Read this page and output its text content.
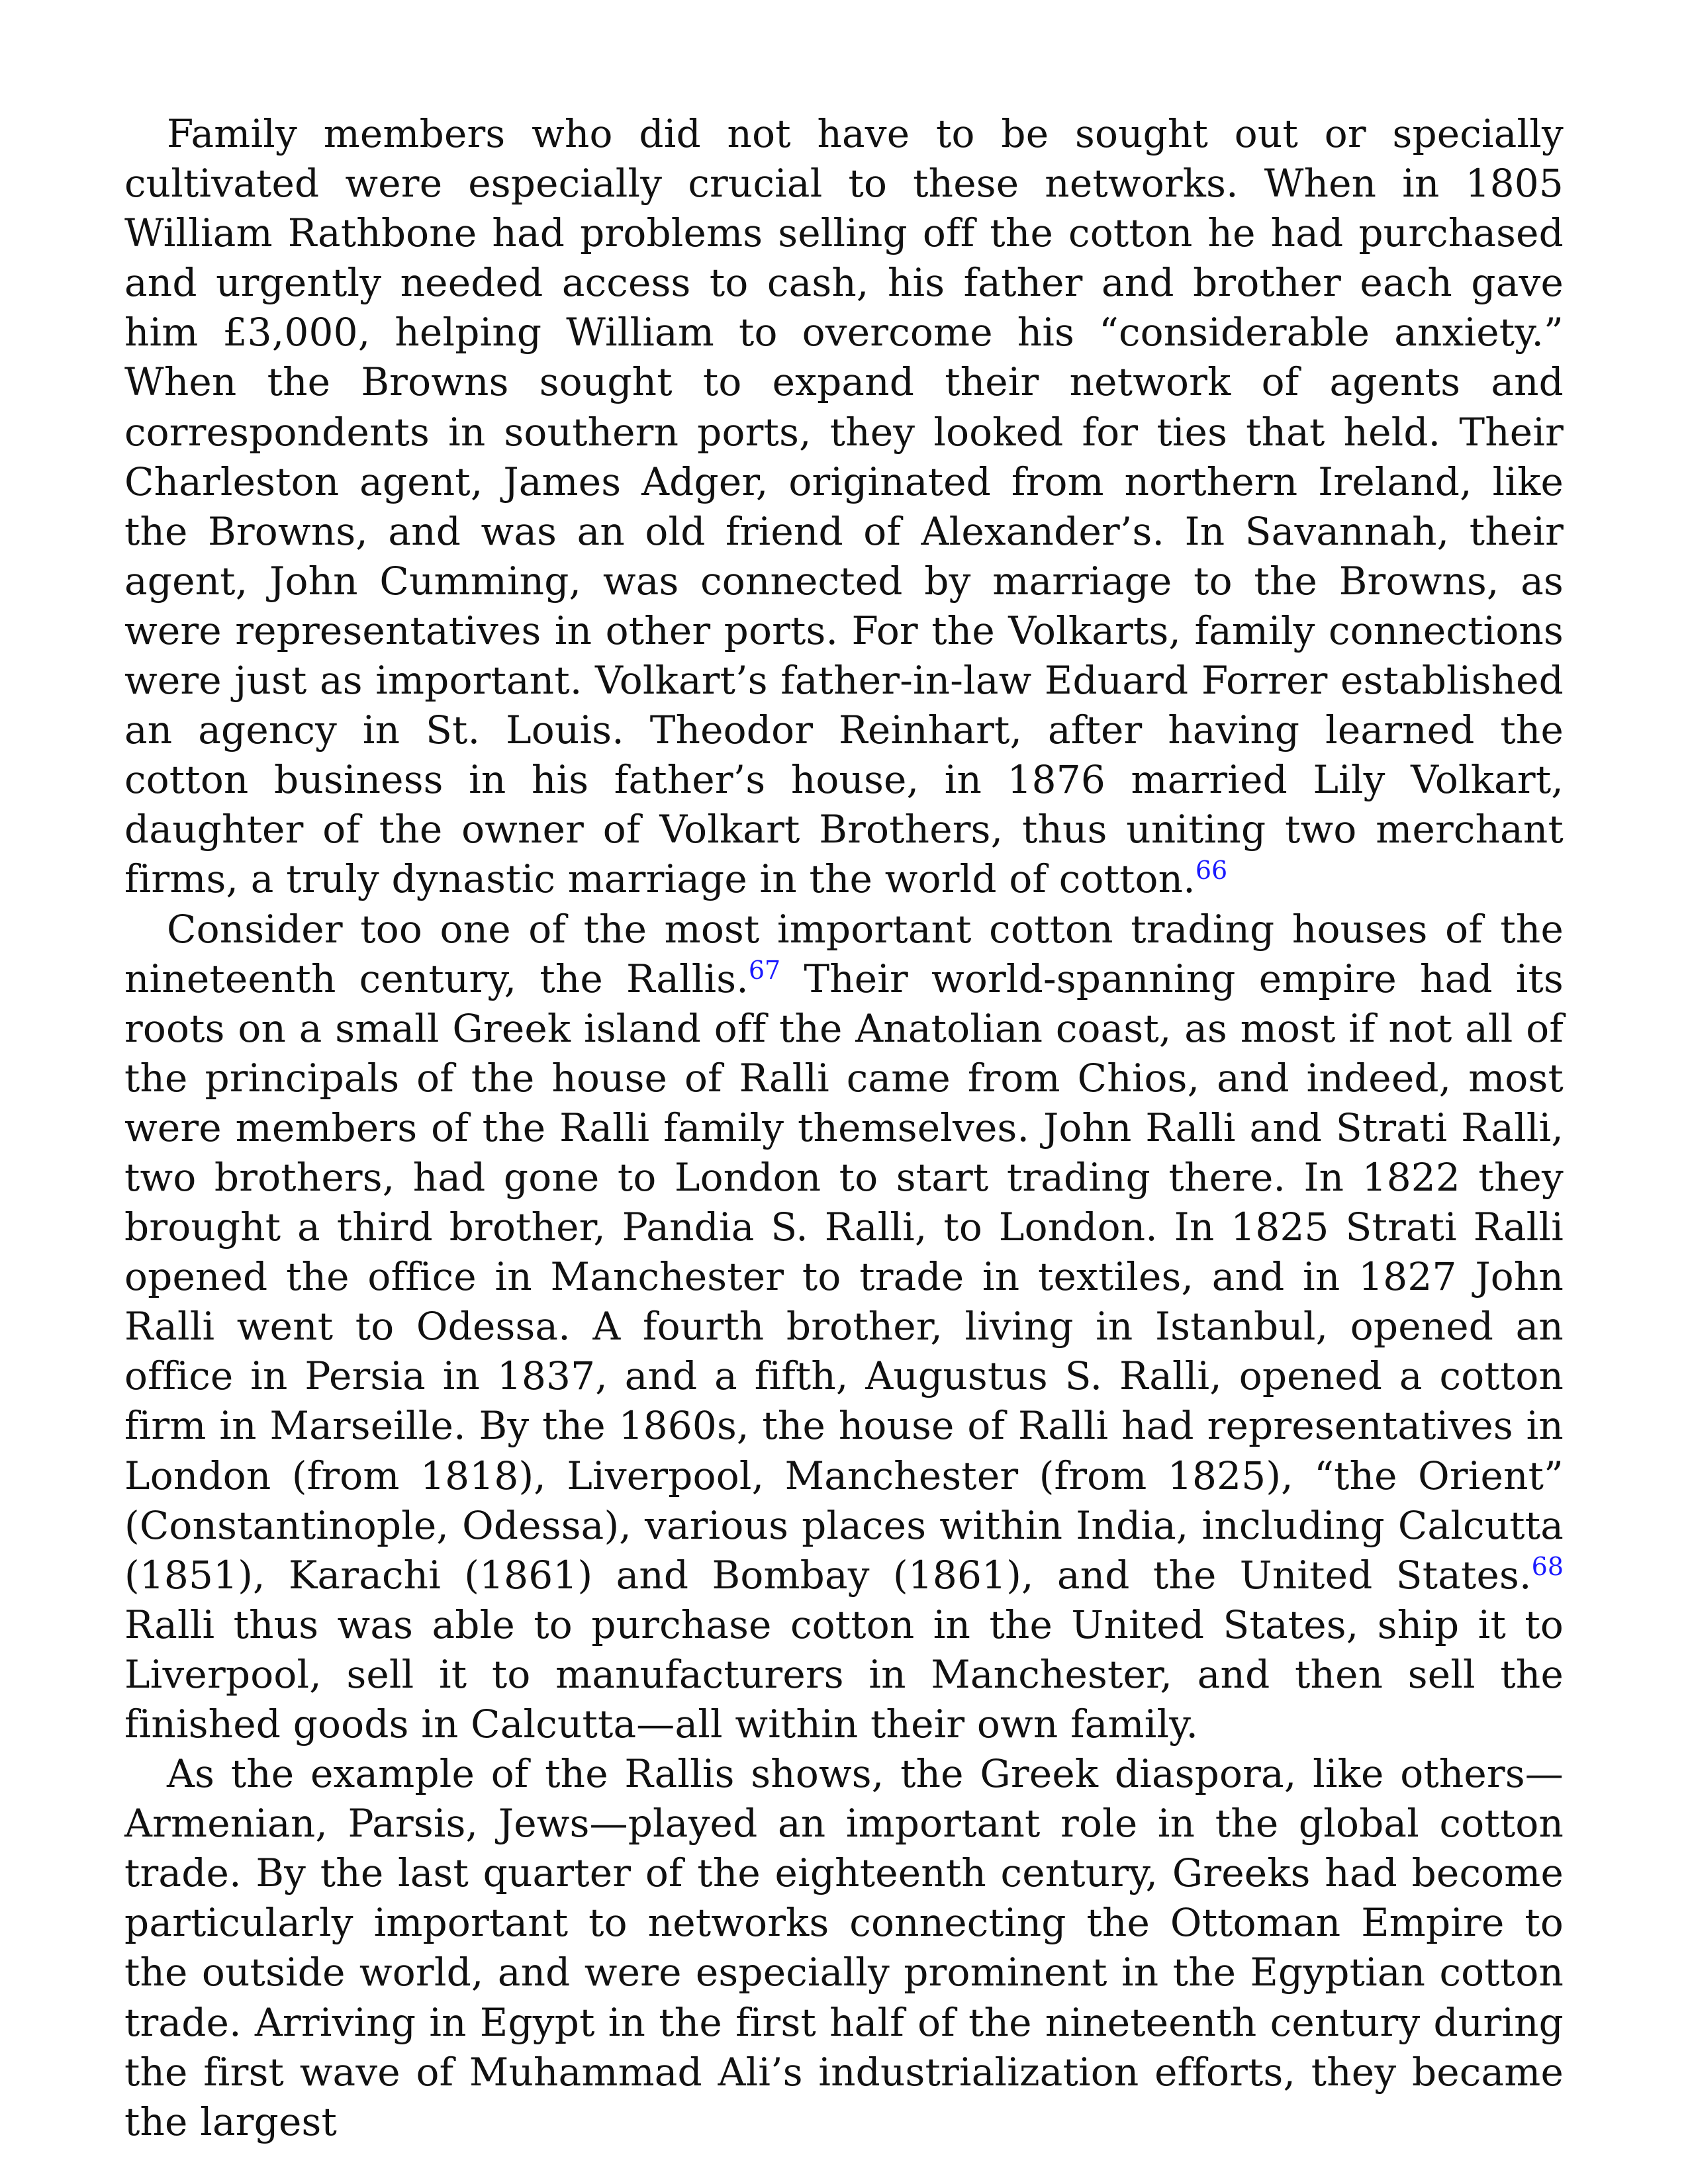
Family members who did not have to be sought out or specially cultivated were especially crucial to these networks. When in 1805 William Rathbone had problems selling off the cotton he had purchased and urgently needed access to cash, his father and brother each gave him £3,000, helping William to overcome his “considerable anxiety.” When the Browns sought to expand their network of agents and correspondents in southern ports, they looked for ties that held. Their Charleston agent, James Adger, originated from northern Ireland, like the Browns, and was an old friend of Alexander’s. In Savannah, their agent, John Cumming, was connected by marriage to the Browns, as were representatives in other ports. For the Volkarts, family connections were just as important. Volkart’s father-in-law Eduard Forrer established an agency in St. Louis. Theodor Reinhart, after having learned the cotton business in his father’s house, in 1876 married Lily Volkart, daughter of the owner of Volkart Brothers, thus uniting two merchant firms, a truly dynastic marriage in the world of cotton.$^{66}$

Consider too one of the most important cotton trading houses of the nineteenth century, the Rallis.$^{67}$ Their world-spanning empire had its roots on a small Greek island off the Anatolian coast, as most if not all of the principals of the house of Ralli came from Chios, and indeed, most were members of the Ralli family themselves. John Ralli and Strati Ralli, two brothers, had gone to London to start trading there. In 1822 they brought a third brother, Pandia S. Ralli, to London. In 1825 Strati Ralli opened the office in Manchester to trade in textiles, and in 1827 John Ralli went to Odessa. A fourth brother, living in Istanbul, opened an office in Persia in 1837, and a fifth, Augustus S. Ralli, opened a cotton firm in Marseille. By the 1860s, the house of Ralli had representatives in London (from 1818), Liverpool, Manchester (from 1825), “the Orient” (Constantinople, Odessa), various places within India, including Calcutta (1851), Karachi (1861) and Bombay (1861), and the United States.$^{68}$ Ralli thus was able to purchase cotton in the United States, ship it to Liverpool, sell it to manufacturers in Manchester, and then sell the finished goods in Calcutta—all within their own family.

As the example of the Rallis shows, the Greek diaspora, like others—Armenian, Parsis, Jews—played an important role in the global cotton trade. By the last quarter of the eighteenth century, Greeks had become particularly important to networks connecting the Ottoman Empire to the outside world, and were especially prominent in the Egyptian cotton trade. Arriving in Egypt in the first half of the nineteenth century during the first wave of Muhammad Ali’s industrialization efforts, they became the largest
